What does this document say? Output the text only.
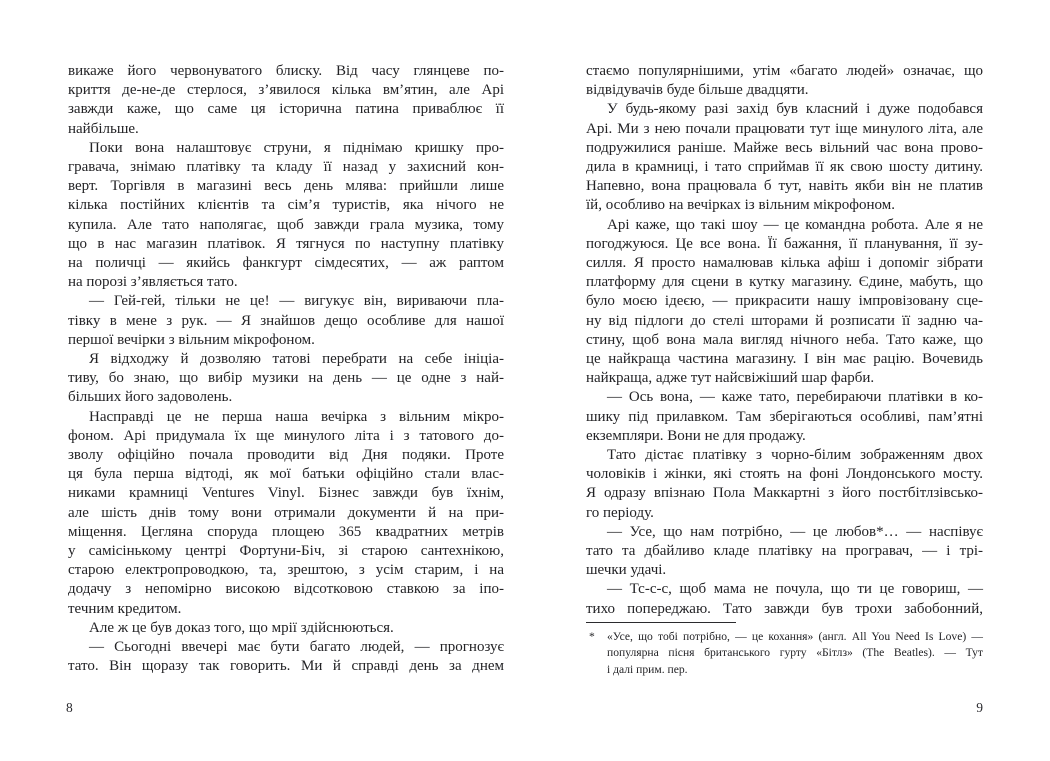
викаже його червонуватого блиску. Від часу глянцеве по-
криття де-не-де стерлося, з’явилося кілька вм’ятин, але Арі
завжди каже, що саме ця історична патина приваблює її
найбільше.
Поки вона налаштовує струни, я піднімаю кришку про-
гравача, знімаю платівку та кладу її назад у захисний кон-
верт. Торгівля в магазині весь день млява: прийшли лише
кілька постійних клієнтів та сім’я туристів, яка нічого не
купила. Але тато наполягає, щоб завжди грала музика, тому
що в нас магазин платівок. Я тягнуся по наступну платівку
на поличці — якийсь фанкгурт сімдесятих, — аж раптом
на порозі з’являється тато.
— Гей-гей, тільки не це! — вигукує він, вириваючи пла-
тівку в мене з рук. — Я знайшов дещо особливе для нашої
першої вечірки з вільним мікрофоном.
Я відходжу й дозволяю татові перебрати на себе ініціа-
тиву, бо знаю, що вибір музики на день — це одне з най-
більших його задоволень.
Насправді це не перша наша вечірка з вільним мікро-
фоном. Арі придумала їх ще минулого літа і з татового до-
зволу офіційно почала проводити від Дня подяки. Проте
ця була перша відтоді, як мої батьки офіційно стали влас-
никами крамниці Ventures Vinyl. Бізнес завжди був їхнім,
але шість днів тому вони отримали документи й на при-
міщення. Цегляна споруда площею 365 квадратних метрів
у самісінькому центрі Фортуни-Біч, зі старою сантехнікою,
старою електропроводкою, та, зрештою, з усім старим, і на
додачу з непомірно високою відсотковою ставкою за іпо-
течним кредитом.
Але ж це був доказ того, що мрії здійснюються.
— Сьогодні ввечері має бути багато людей, — прогнозує
тато. Він щоразу так говорить. Ми й справді день за днем
8
стаємо популярнішими, утім «багато людей» означає, що
відвідувачів буде більше двадцяти.
У будь-якому разі захід був класний і дуже подобався
Арі. Ми з нею почали працювати тут іще минулого літа, але
подружилися раніше. Майже весь вільний час вона прово-
дила в крамниці, і тато сприймав її як свою шосту дитину.
Напевно, вона працювала б тут, навіть якби він не платив
їй, особливо на вечірках із вільним мікрофоном.
Арі каже, що такі шоу — це командна робота. Але я не
погоджуюся. Це все вона. Її бажання, її планування, її зу-
силля. Я просто намалював кілька афіш і допоміг зібрати
платформу для сцени в кутку магазину. Єдине, мабуть, що
було моєю ідеєю, — прикрасити нашу імпровізовану сце-
ну від підлоги до стелі шторами й розписати її задню ча-
стину, щоб вона мала вигляд нічного неба. Тато каже, що
це найкраща частина магазину. І він має рацію. Вочевидь
найкраща, адже тут найсвіжіший шар фарби.
— Ось вона, — каже тато, перебираючи платівки в ко-
шику під прилавком. Там зберігаються особливі, пам’ятні
екземпляри. Вони не для продажу.
Тато дістає платівку з чорно-білим зображенням двох
чоловіків і жінки, які стоять на фоні Лондонського мосту.
Я одразу впізнаю Пола Маккартні з його постбітлзівсько-
го періоду.
— Усе, що нам потрібно, — це любов*… — наспівує
тато та дбайливо кладе платівку на програвач, — і трі-
шечки удачі.
— Тс-с-с, щоб мама не почула, що ти це говориш, —
тихо попереджаю. Тато завжди був трохи забобонний,
* «Усе, що тобі потрібно, — це кохання» (англ. All You Need Is Love) —
популярна пісня британського гурту «Бітлз» (The Beatles). — Тут
і далі прим. пер.
9
